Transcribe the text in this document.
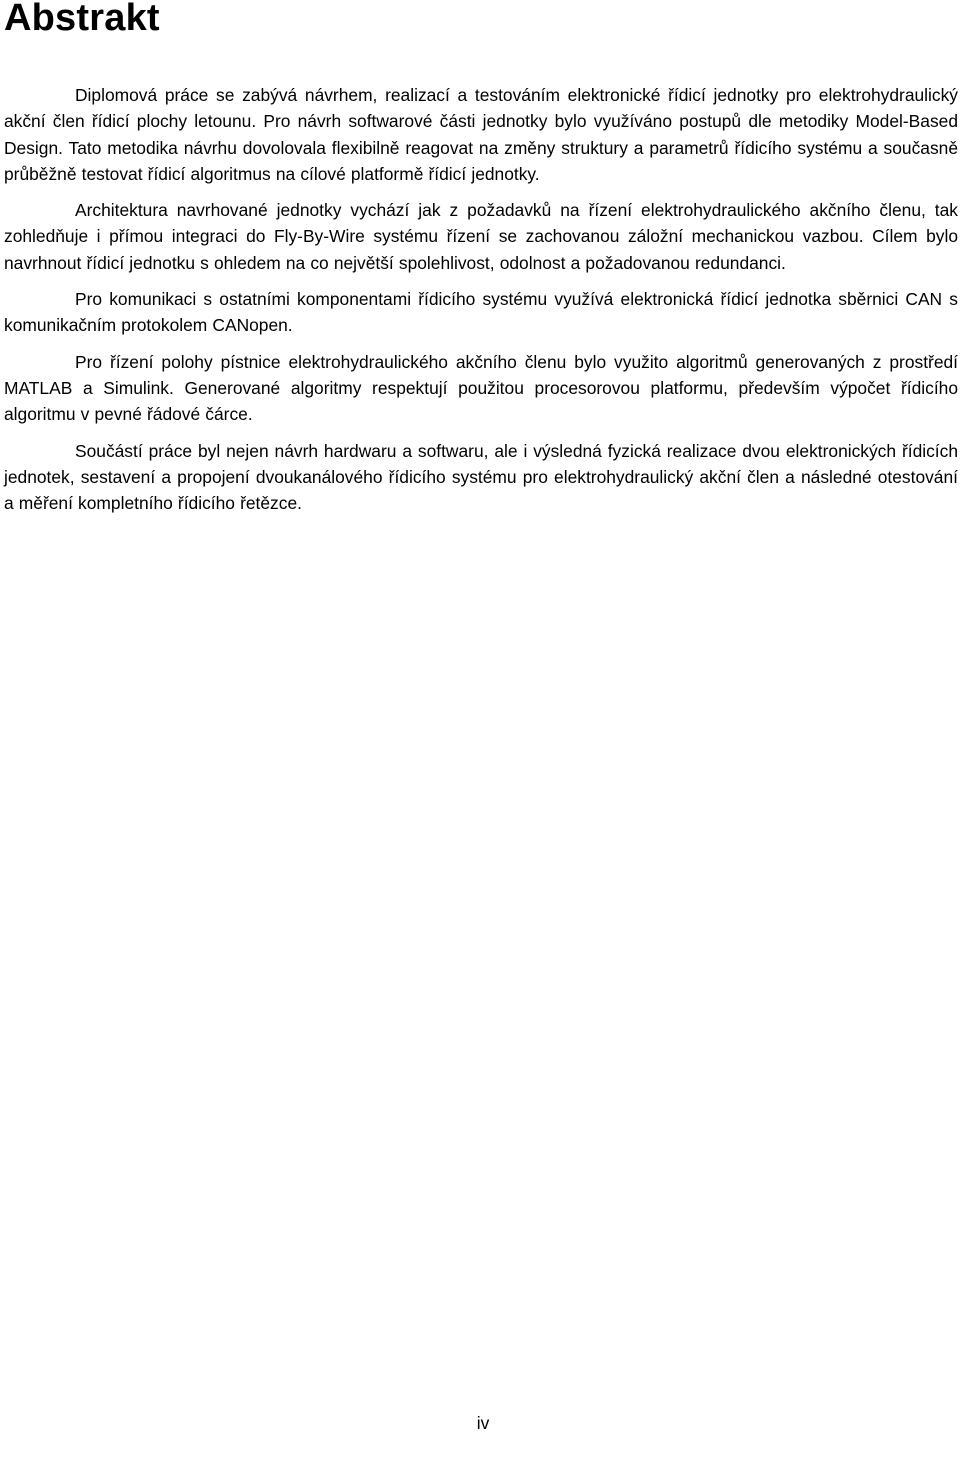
Abstrakt

Diplomová práce se zabývá návrhem, realizací a testováním elektronické řídicí jednotky pro elektrohydraulický akční člen řídicí plochy letounu. Pro návrh softwarové části jednotky bylo využíváno postupů dle metodiky Model-Based Design. Tato metodika návrhu dovolovala flexibilně reagovat na změny struktury a parametrů řídicího systému a současně průběžně testovat řídicí algoritmus na cílové platformě řídicí jednotky.

Architektura navrhované jednotky vychází jak z požadavků na řízení elektrohydraulického akčního členu, tak zohledňuje i přímou integraci do Fly-By-Wire systému řízení se zachovanou záložní mechanickou vazbou. Cílem bylo navrhnout řídicí jednotku s ohledem na co největší spolehlivost, odolnost a požadovanou redundanci.

Pro komunikaci s ostatními komponentami řídicího systému využívá elektronická řídicí jednotka sběrnici CAN s komunikačním protokolem CANopen.

Pro řízení polohy pístnice elektrohydraulického akčního členu bylo využito algoritmů generovaných z prostředí MATLAB a Simulink. Generované algoritmy respektují použitou procesorovou platformu, především výpočet řídicího algoritmu v pevné řádové čárce.

Součástí práce byl nejen návrh hardwaru a softwaru, ale i výsledná fyzická realizace dvou elektronických řídicích jednotek, sestavení a propojení dvoukanálového řídicího systému pro elektrohydraulický akční člen a následné otestování a měření kompletního řídicího řetězce.

iv
